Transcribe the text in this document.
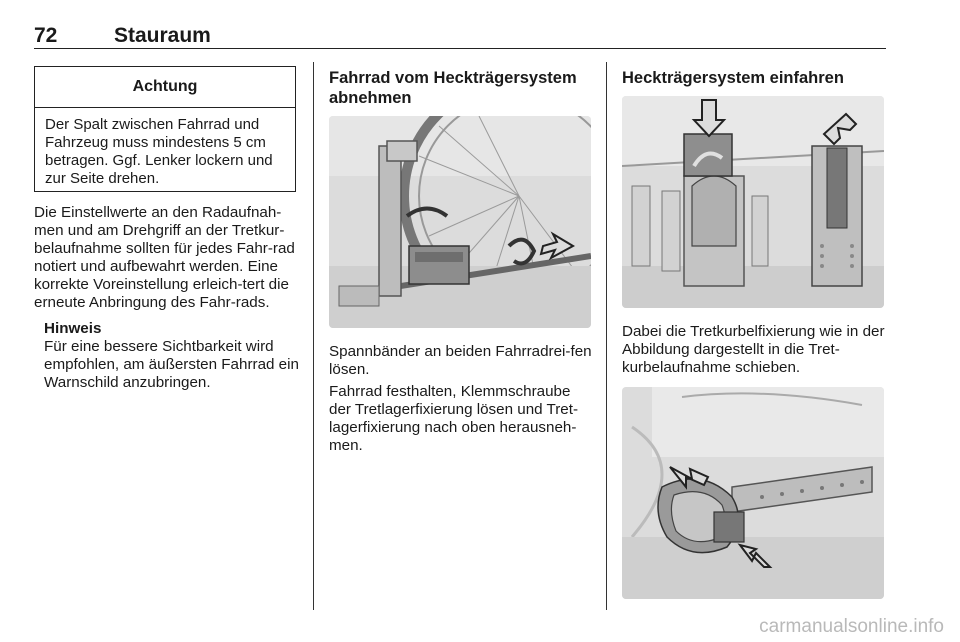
72	Stauraum
Achtung
Der Spalt zwischen Fahrrad und Fahrzeug muss mindestens 5 cm betragen. Ggf. Lenker lockern und zur Seite drehen.

Die Einstellwerte an den Radaufnah-men und am Drehgriff an der Tretkur-belaufnahme sollten für jedes Fahr-rad notiert und aufbewahrt werden. Eine korrekte Voreinstellung erleich-tert die erneute Anbringung des Fahr-rads.

Hinweis

Für eine bessere Sichtbarkeit wird empfohlen, am äußersten Fahrrad ein Warnschild anzubringen.

Fahrrad vom Heckträgersystem abnehmen

Spannbänder an beiden Fahrradrei-fen lösen.

Fahrrad festhalten, Klemmschraube der Tretlagerfixierung lösen und Tret-lagerfixierung nach oben herausneh-men.

Heckträgersystem einfahren

Dabei die Tretkurbelfixierung wie in der Abbildung dargestellt in die Tret-kurbelaufnahme schieben.

carmanualsonline.info
